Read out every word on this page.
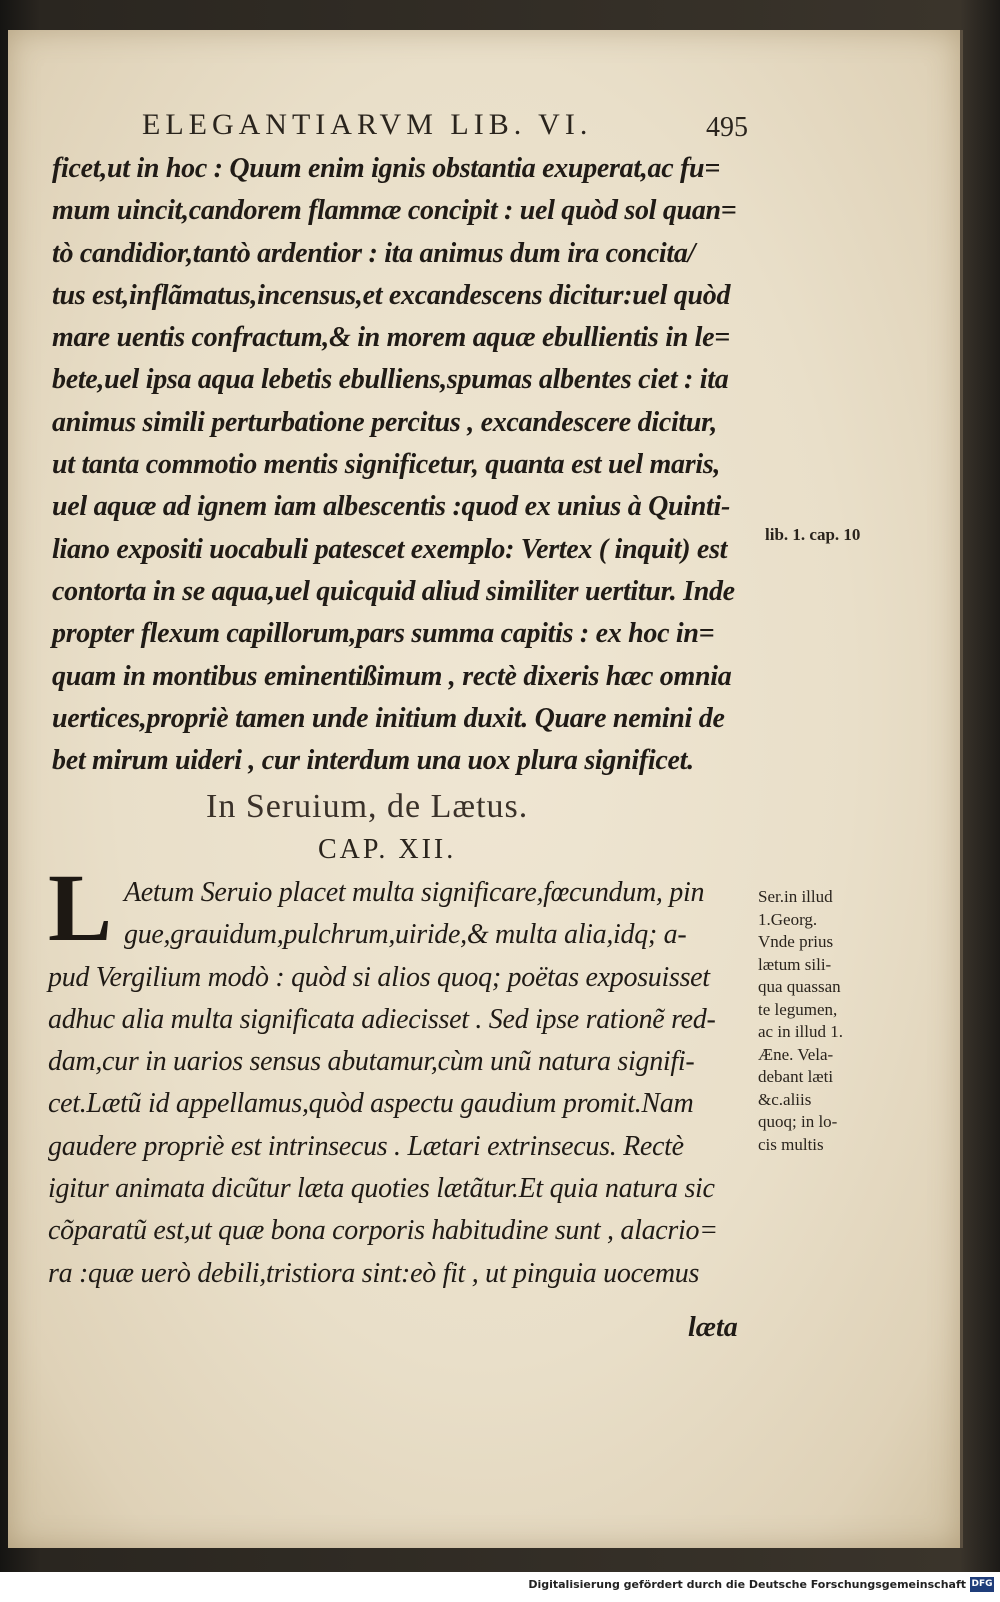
ELEGANTIARVM LIB. VI.	495
ficet,ut in hoc : Quum enim ignis obstantia exuperat,ac fu=
mum uincit,candorem flammæ concipit : uel quòd sol quan=
tò candidior,tantò ardentior : ita animus dum ira concita/
tus est,inflãmatus,incensus,et excandescens dicitur:uel quòd
mare uentis confractum,& in morem aquæ ebullientis in le=
bete,uel ipsa aqua lebetis ebulliens,spumas albentes ciet : ita
animus simili perturbatione percitus , excandescere dicitur,
ut tanta commotio mentis significetur, quanta est uel maris,
uel aquæ ad ignem iam albescentis :quod ex unius à Quinti-
liano expositi uocabuli patescet exemplo: Vertex ( inquit) est
contorta in se aqua,uel quicquid aliud similiter uertitur. Inde
propter flexum capillorum,pars summa capitis : ex hoc in=
quam in montibus eminentißimum , rectè dixeris hæc omnia
uertices,propriè tamen unde initium duxit. Quare nemini de
bet mirum uideri , cur interdum una uox plura significet.
lib. 1. cap. 10
In Seruium, de Lætus.
CAP. XII.
L Aetum Seruio placet multa significare,fœcundum, pin
gue,grauidum,pulchrum,uiride,& multa alia,idq; a-
pud Vergilium modò : quòd si alios quoq; poëtas exposuisset
adhuc alia multa significata adiecisset . Sed ipse rationẽ red-
dam,cur in uarios sensus abutamur,cùm unũ natura signifi-
cet.Lætũ id appellamus,quòd aspectu gaudium promit.Nam
gaudere propriè est intrinsecus . Lætari extrinsecus. Rectè
igitur animata dicũtur læta quoties lætãtur.Et quia natura sic
cõparatũ est,ut quæ bona corporis habitudine sunt , alacrio=
ra :quæ uerò debili,tristiora sint:eò fit , ut pinguia uocemus
læta
Ser.in illud
1.Georg.
Vnde prius
lætum sili-
qua quassan
te legumen,
ac in illud 1.
Æne. Vela-
debant læti
&c.aliis
quoq; in lo-
cis multis
Digitalisierung gefördert durch die Deutsche Forschungsgemeinschaft DFG
